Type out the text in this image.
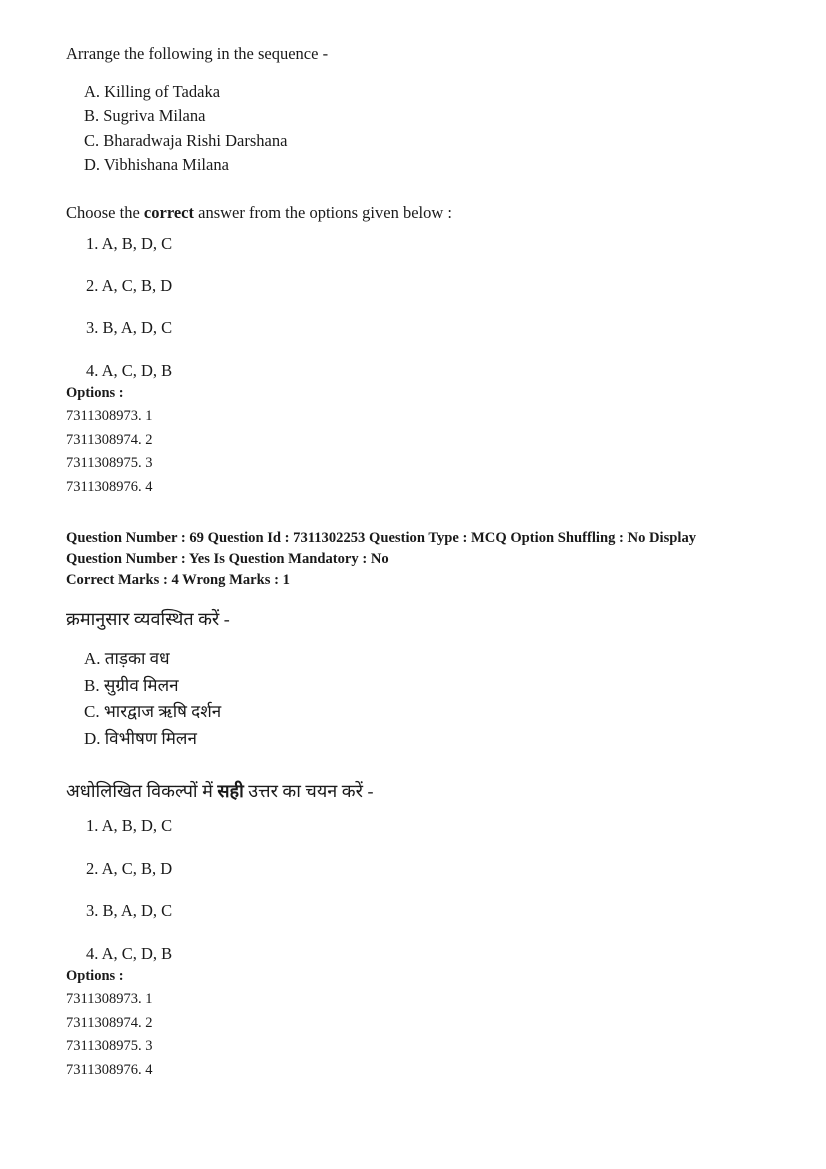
Arrange the following in the sequence -
A. Killing of Tadaka
B. Sugriva Milana
C. Bharadwaja Rishi Darshana
D. Vibhishana Milana
Choose the correct answer from the options given below :
1. A, B, D, C
2. A, C, B, D
3. B, A, D, C
4. A, C, D, B
Options :
7311308973. 1
7311308974. 2
7311308975. 3
7311308976. 4
Question Number : 69 Question Id : 7311302253 Question Type : MCQ Option Shuffling : No Display
Question Number : Yes Is Question Mandatory : No
Correct Marks : 4 Wrong Marks : 1
क्रमानुसार व्यवस्थित करें -
A. ताड़का वध
B. सुग्रीव मिलन
C. भारद्वाज ऋषि दर्शन
D. विभीषण मिलन
अधोलिखित विकल्पों में सही उत्तर का चयन करें -
1. A, B, D, C
2. A, C, B, D
3. B, A, D, C
4. A, C, D, B
Options :
7311308973. 1
7311308974. 2
7311308975. 3
7311308976. 4
